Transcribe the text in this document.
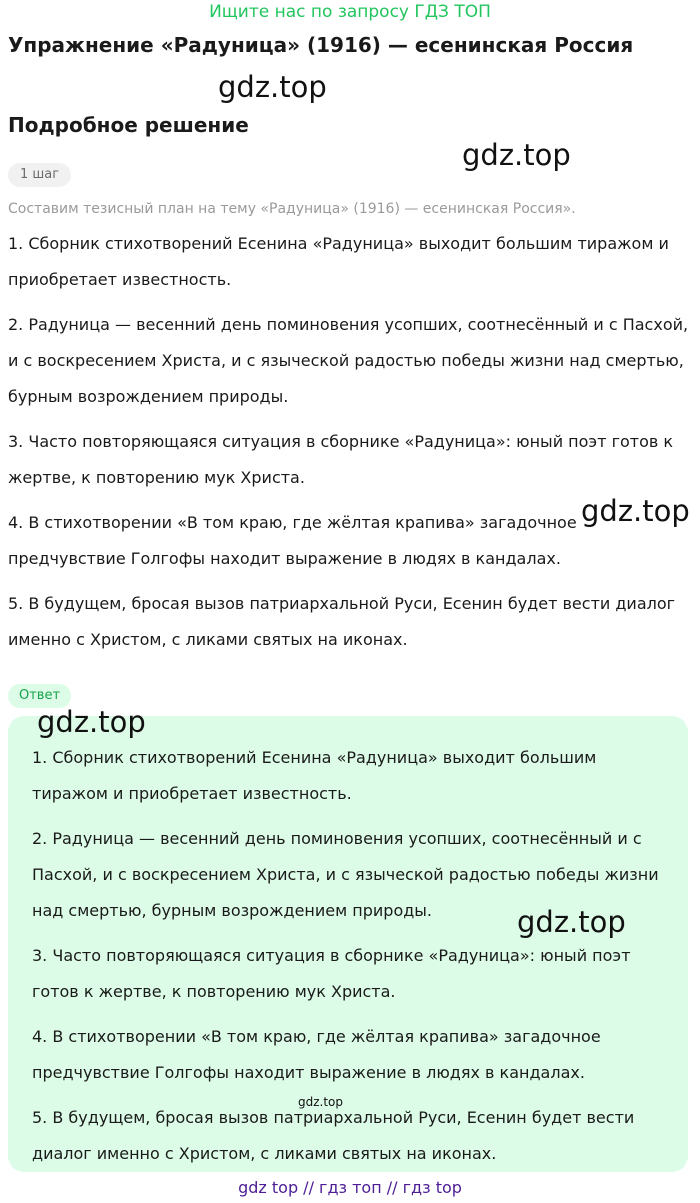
Ищите нас по запросу ГДЗ ТОП
Упражнение «Радуница» (1916) — есенинская Россия
Подробное решение
1 шаг
Составим тезисный план на тему «Радуница» (1916) — есенинская Россия».

1. Сборник стихотворений Есенина «Радуница» выходит большим тиражом и приобретает известность.

2. Радуница — весенний день поминовения усопших, соотнесённый и с Пасхой, и с воскресением Христа, и с языческой радостью победы жизни над смертью, бурным возрождением природы.

3. Часто повторяющаяся ситуация в сборнике «Радуница»: юный поэт готов к жертве, к повторению мук Христа.

4. В стихотворении «В том краю, где жёлтая крапива» загадочное предчувствие Голгофы находит выражение в людях в кандалах.

5. В будущем, бросая вызов патриархальной Руси, Есенин будет вести диалог именно с Христом, с ликами святых на иконах.

Ответ

1. Сборник стихотворений Есенина «Радуница» выходит большим тиражом и приобретает известность.

2. Радуница — весенний день поминовения усопших, соотнесённый и с Пасхой, и с воскресением Христа, и с языческой радостью победы жизни над смертью, бурным возрождением природы.

3. Часто повторяющаяся ситуация в сборнике «Радуница»: юный поэт готов к жертве, к повторению мук Христа.

4. В стихотворении «В том краю, где жёлтая крапива» загадочное предчувствие Голгофы находит выражение в людях в кандалах.

5. В будущем, бросая вызов патриархальной Руси, Есенин будет вести диалог именно с Христом, с ликами святых на иконах.

gdz.top
gdz.top
gdz.top
gdz.top
gdz.top
gdz.top
gdz top // гдз топ // гдз top
